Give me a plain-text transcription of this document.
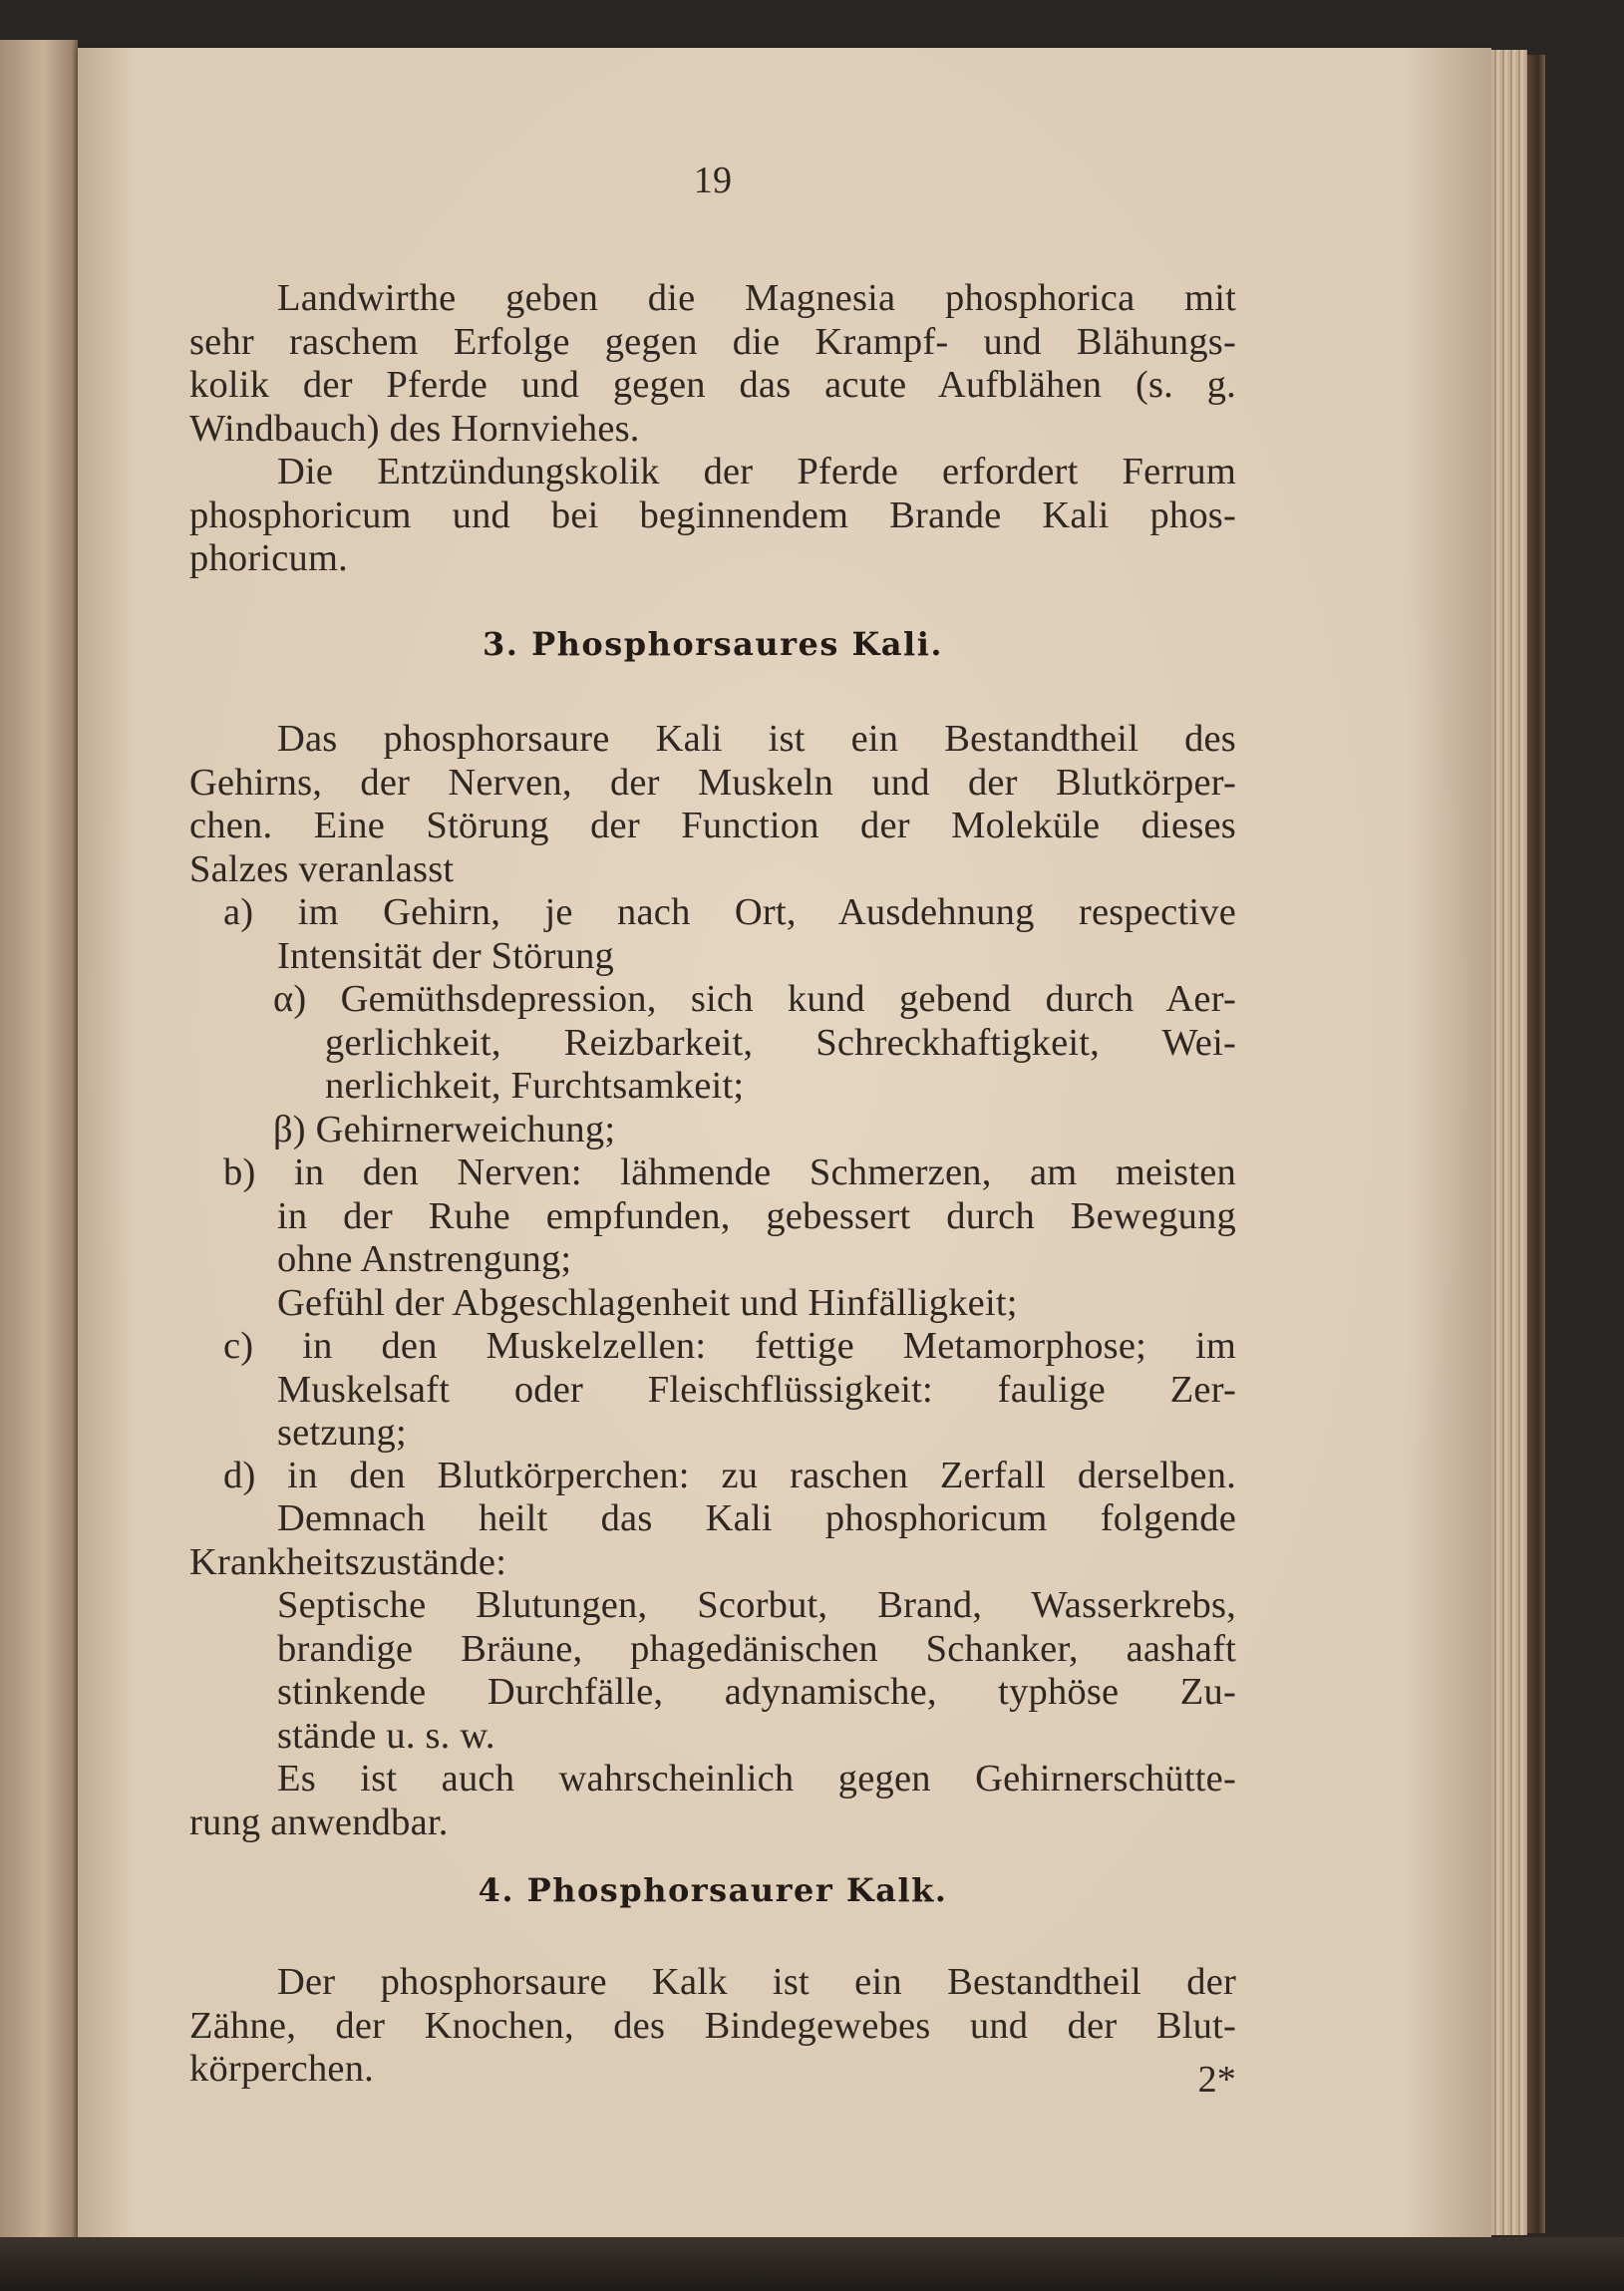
19
Landwirthe geben die Magnesia phosphorica mit
sehr raschem Erfolge gegen die Krampf- und Blähungs-
kolik der Pferde und gegen das acute Aufblähen (s. g.
Windbauch) des Hornviehes.
Die Entzündungskolik der Pferde erfordert Ferrum
phosphoricum und bei beginnendem Brande Kali phos-
phoricum.
3. Phosphorsaures Kali.
Das phosphorsaure Kali ist ein Bestandtheil des
Gehirns, der Nerven, der Muskeln und der Blutkörper-
chen. Eine Störung der Function der Moleküle dieses
Salzes veranlasst
a) im Gehirn, je nach Ort, Ausdehnung respective
Intensität der Störung
α) Gemüthsdepression, sich kund gebend durch Aer-
gerlichkeit, Reizbarkeit, Schreckhaftigkeit, Wei-
nerlichkeit, Furchtsamkeit;
β) Gehirnerweichung;
b) in den Nerven: lähmende Schmerzen, am meisten
in der Ruhe empfunden, gebessert durch Bewegung
ohne Anstrengung;
Gefühl der Abgeschlagenheit und Hinfälligkeit;
c) in den Muskelzellen: fettige Metamorphose; im
Muskelsaft oder Fleischflüssigkeit: faulige Zer-
setzung;
d) in den Blutkörperchen: zu raschen Zerfall derselben.
Demnach heilt das Kali phosphoricum folgende
Krankheitszustände:
Septische Blutungen, Scorbut, Brand, Wasserkrebs,
brandige Bräune, phagedänischen Schanker, aashaft
stinkende Durchfälle, adynamische, typhöse Zu-
stände u. s. w.
Es ist auch wahrscheinlich gegen Gehirnerschütte-
rung anwendbar.
4. Phosphorsaurer Kalk.
Der phosphorsaure Kalk ist ein Bestandtheil der
Zähne, der Knochen, des Bindegewebes und der Blut-
körperchen.	2*
